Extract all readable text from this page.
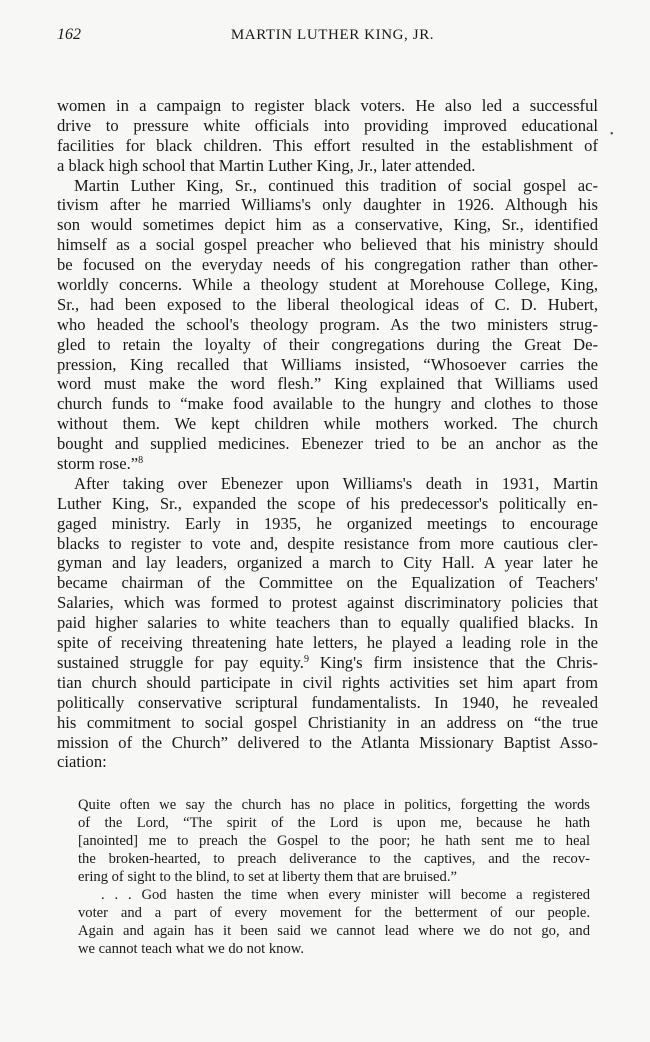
162	MARTIN LUTHER KING, JR.
•
women in a campaign to register black voters. He also led a successful
drive to pressure white officials into providing improved educational
facilities for black children. This effort resulted in the establishment of
a black high school that Martin Luther King, Jr., later attended.
Martin Luther King, Sr., continued this tradition of social gospel ac-
tivism after he married Williams's only daughter in 1926. Although his
son would sometimes depict him as a conservative, King, Sr., identified
himself as a social gospel preacher who believed that his ministry should
be focused on the everyday needs of his congregation rather than other-
worldly concerns. While a theology student at Morehouse College, King,
Sr., had been exposed to the liberal theological ideas of C. D. Hubert,
who headed the school's theology program. As the two ministers strug-
gled to retain the loyalty of their congregations during the Great De-
pression, King recalled that Williams insisted, “Whosoever carries the
word must make the word flesh.” King explained that Williams used
church funds to “make food available to the hungry and clothes to those
without them. We kept children while mothers worked. The church
bought and supplied medicines. Ebenezer tried to be an anchor as the
storm rose.”$^8$
After taking over Ebenezer upon Williams's death in 1931, Martin
Luther King, Sr., expanded the scope of his predecessor's politically en-
gaged ministry. Early in 1935, he organized meetings to encourage
blacks to register to vote and, despite resistance from more cautious cler-
gyman and lay leaders, organized a march to City Hall. A year later he
became chairman of the Committee on the Equalization of Teachers'
Salaries, which was formed to protest against discriminatory policies that
paid higher salaries to white teachers than to equally qualified blacks. In
spite of receiving threatening hate letters, he played a leading role in the
sustained struggle for pay equity.$^9$ King's firm insistence that the Chris-
tian church should participate in civil rights activities set him apart from
politically conservative scriptural fundamentalists. In 1940, he revealed
his commitment to social gospel Christianity in an address on “the true
mission of the Church” delivered to the Atlanta Missionary Baptist Asso-
ciation:
Quite often we say the church has no place in politics, forgetting the words
of the Lord, “The spirit of the Lord is upon me, because he hath
[anointed] me to preach the Gospel to the poor; he hath sent me to heal
the broken-hearted, to preach deliverance to the captives, and the recov-
ering of sight to the blind, to set at liberty them that are bruised.”
. . . God hasten the time when every minister will become a registered
voter and a part of every movement for the betterment of our people.
Again and again has it been said we cannot lead where we do not go, and
we cannot teach what we do not know.
